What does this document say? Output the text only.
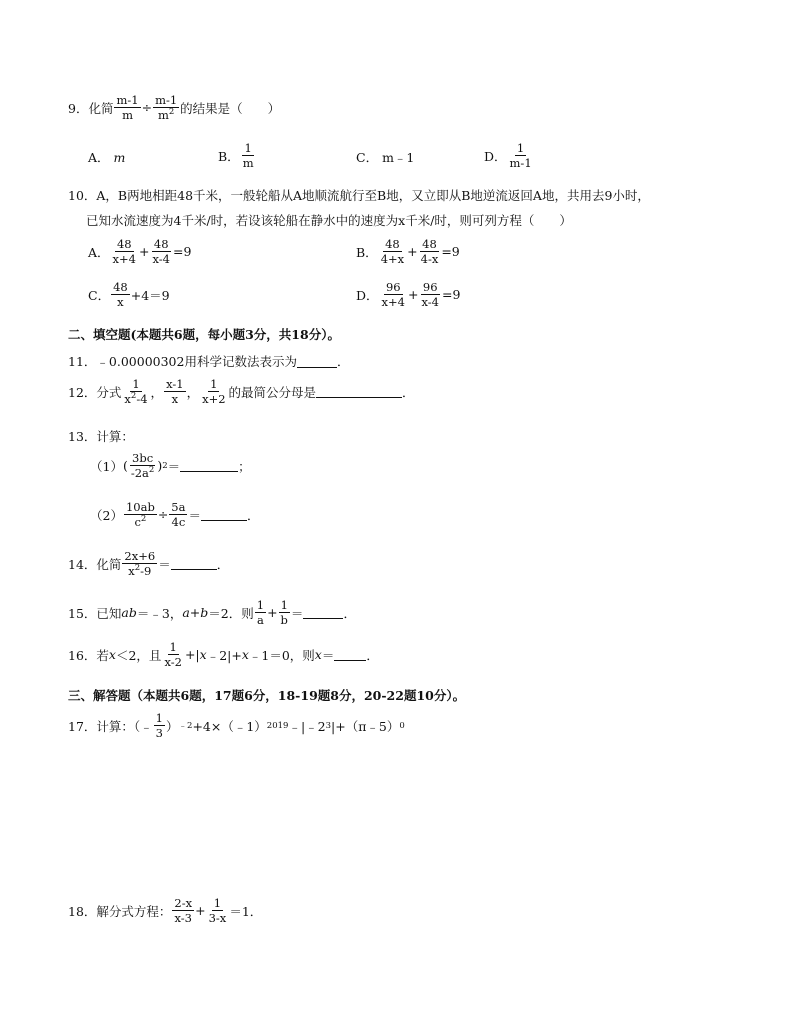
9． 化简 $\frac{m-1}{m} \div \frac{m-1}{m^2}$ 的结果是（　　）
A．
m	B． $\frac{1}{m}$	C．
m﹣1	D． $\frac{1}{m-1}$
10． A，B两地相距48千米，一般轮船从A地顺流航行至B地，又立即从B地逆流返回A地，共用去9小时，
已知水流速度为4千米/时，若设该轮船在静水中的速度为x千米/时，则可列方程（　　）
A． $\frac{48}{x+4} + \frac{48}{x-4} =9$	B． $\frac{48}{4+x} + \frac{48}{4-x} =9$
C． $\frac{48}{x} +4=9$	D． $\frac{96}{x+4} + \frac{96}{x-4} =9$
二、填空题(本题共6题，每小题3分，共18分）。
11． ﹣0.00000302用科学记数法表示为	．
12． 分式 $\frac{1}{x^2-4}$ ， $\frac{x-1}{x}$ ， $\frac{1}{x+2}$ 的最简公分母是	．
13． 计算：
（1） ( $\frac{3bc}{-2a^2}$ ) 2 ＝	；
$(2) \frac{10ab}{c^2} \div \frac{5a}{4c}$ ＝	．
14． 化简 $\frac{2x+6}{x^2-9}$ ＝	．
15． 已知 ab ＝﹣3， a+b ＝2．则 $\frac{1}{a} + \frac{1}{b}$ ＝	．
16． 若 x ＜2，且 $\frac{1}{x-2}$ +| x ﹣2|+ x ﹣1＝0，则 x ＝	．
三、解答题（本题共6题，17题6分，18-19题8分，20-22题10分）。
17． 计算：（﹣ $\frac{1}{3}$ ） ﹣2 +4×（﹣1） 2019 ﹣|﹣2 3 |+（π﹣5） 0
18． 解分式方程： $\frac{2-x}{x-3} + \frac{1}{3-x} =1$．
